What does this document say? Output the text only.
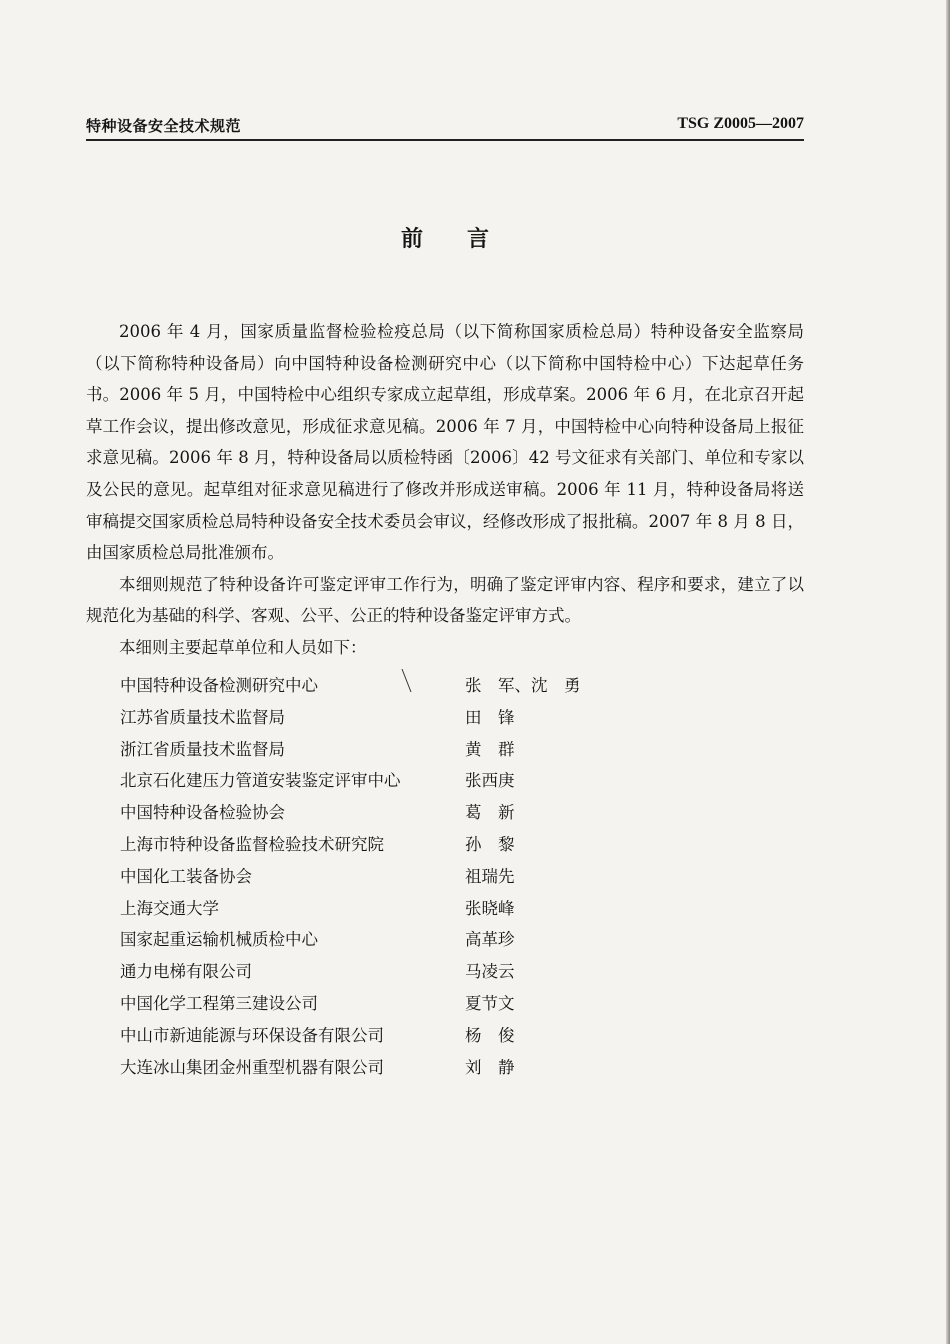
特种设备安全技术规范	TSG Z0005—2007
前言

2006 年 4 月，国家质量监督检验检疫总局（以下简称国家质检总局）特种设备安全监察局（以下简称特种设备局）向中国特种设备检测研究中心（以下简称中国特检中心）下达起草任务书。2006 年 5 月，中国特检中心组织专家成立起草组，形成草案。2006 年 6 月，在北京召开起草工作会议，提出修改意见，形成征求意见稿。2006 年 7 月，中国特检中心向特种设备局上报征求意见稿。2006 年 8 月，特种设备局以质检特函〔2006〕42 号文征求有关部门、单位和专家以及公民的意见。起草组对征求意见稿进行了修改并形成送审稿。2006 年 11 月，特种设备局将送审稿提交国家质检总局特种设备安全技术委员会审议，经修改形成了报批稿。2007 年 8 月 8 日，由国家质检总局批准颁布。

本细则规范了特种设备许可鉴定评审工作行为，明确了鉴定评审内容、程序和要求，建立了以规范化为基础的科学、客观、公平、公正的特种设备鉴定评审方式。

本细则主要起草单位和人员如下：

中国特种设备检测研究中心	张　军、沈　勇
江苏省质量技术监督局	田　锋
浙江省质量技术监督局	黄　群
北京石化建压力管道安装鉴定评审中心	张西庚
中国特种设备检验协会	葛　新
上海市特种设备监督检验技术研究院	孙　黎
中国化工装备协会	祖瑞先
上海交通大学	张晓峰
国家起重运输机械质检中心	高革珍
通力电梯有限公司	马凌云
中国化学工程第三建设公司	夏节文
中山市新迪能源与环保设备有限公司	杨　俊
大连冰山集团金州重型机器有限公司	刘　静
